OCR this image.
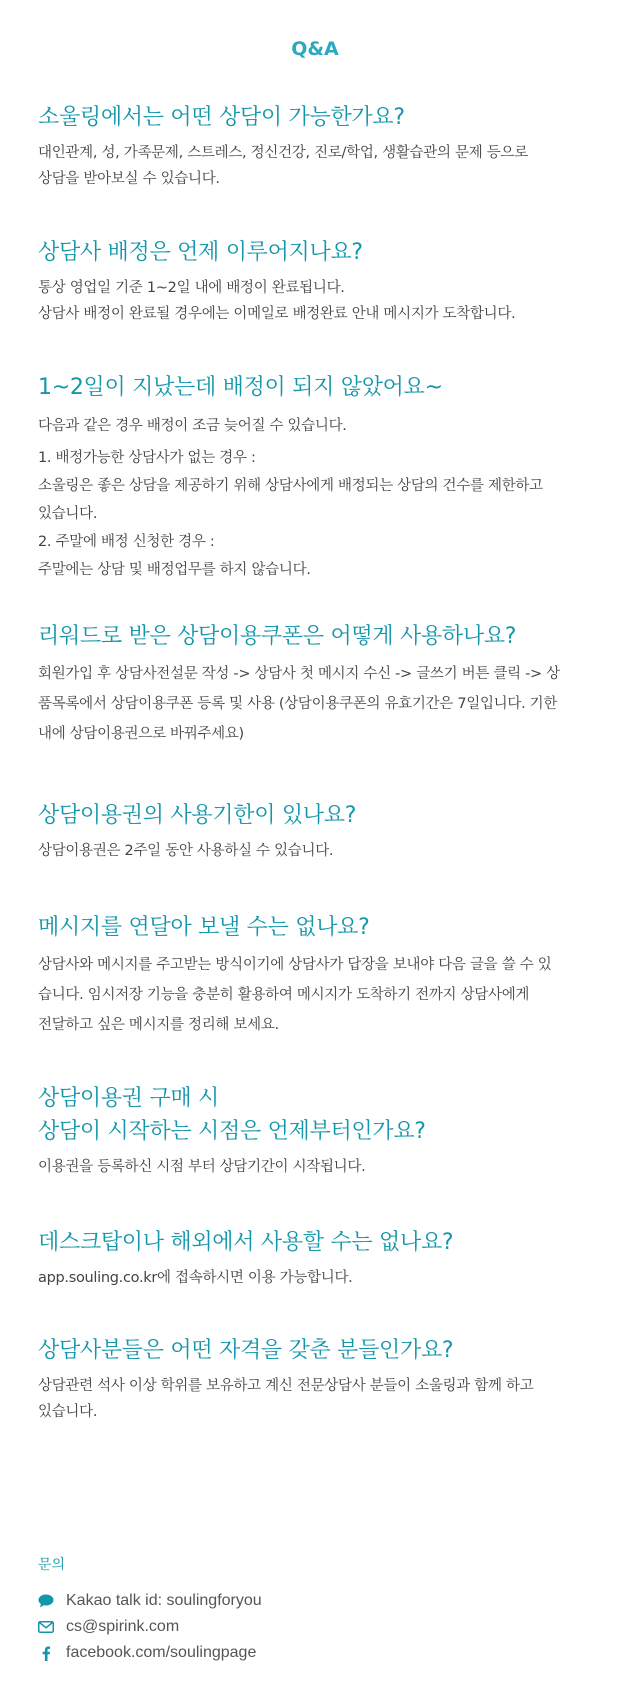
Q&A
소울링에서는 어떤 상담이 가능한가요?

대인관계, 성, 가족문제, 스트레스, 정신건강, 진로/학업, 생활습관의 문제 등으로

상담을 받아보실 수 있습니다.

상담사 배정은 언제 이루어지나요?

통상 영업일 기준 1~2일 내에 배정이 완료됩니다.

상담사 배정이 완료될 경우에는 이메일로 배정완료 안내 메시지가 도착합니다.

1~2일이 지났는데 배정이 되지 않았어요~

다음과 같은 경우 배정이 조금 늦어질 수 있습니다.

1. 배정가능한 상담사가 없는 경우 :

소울링은 좋은 상담을 제공하기 위해 상담사에게 배정되는 상담의 건수를 제한하고

있습니다.

2. 주말에 배정 신청한 경우 :

주말에는 상담 및 배정업무를 하지 않습니다.

리워드로 받은 상담이용쿠폰은 어떻게 사용하나요?

회원가입 후 상담사전설문 작성 -> 상담사 첫 메시지 수신 -> 글쓰기 버튼 클릭 -> 상

품목록에서 상담이용쿠폰 등록 및 사용 (상담이용쿠폰의 유효기간은 7일입니다. 기한

내에 상담이용권으로 바꿔주세요)

상담이용권의 사용기한이 있나요?

상담이용권은 2주일 동안 사용하실 수 있습니다.

메시지를 연달아 보낼 수는 없나요?

상담사와 메시지를 주고받는 방식이기에 상담사가 답장을 보내야 다음 글을 쓸 수 있

습니다. 임시저장 기능을 충분히 활용하여 메시지가 도착하기 전까지 상담사에게

전달하고 싶은 메시지를 정리해 보세요.

상담이용권 구매 시
상담이 시작하는 시점은 언제부터인가요?

이용권을 등록하신 시점 부터 상담기간이 시작됩니다.

데스크탑이나 해외에서 사용할 수는 없나요?

app.souling.co.kr에 접속하시면 이용 가능합니다.

상담사분들은 어떤 자격을 갖춘 분들인가요?

상담관련 석사 이상 학위를 보유하고 계신 전문상담사 분들이 소울링과 함께 하고

있습니다.

문의

Kakao talk id: soulingforyou
cs@spirink.com
facebook.com/soulingpage
